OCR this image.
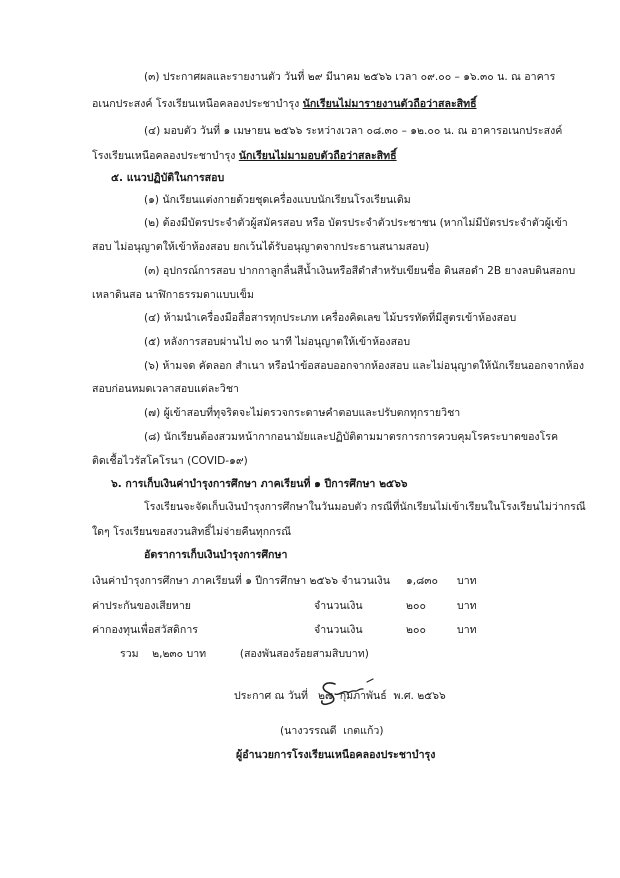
(๓) ประกาศผลและรายงานตัว วันที่ ๒๙ มีนาคม ๒๕๖๖ เวลา ๐๙.๐๐ – ๑๖.๓๐ น. ณ อาคาร
อเนกประสงค์ โรงเรียนเหนือคลองประชาบำรุง นักเรียนไม่มารายงานตัวถือว่าสละสิทธิ์
(๔) มอบตัว วันที่ ๑ เมษายน ๒๕๖๖ ระหว่างเวลา ๐๘.๓๐ – ๑๒.๐๐ น. ณ อาคารอเนกประสงค์
โรงเรียนเหนือคลองประชาบำรุง นักเรียนไม่มามอบตัวถือว่าสละสิทธิ์
๕. แนวปฏิบัติในการสอบ
(๑) นักเรียนแต่งกายด้วยชุดเครื่องแบบนักเรียนโรงเรียนเดิม
(๒) ต้องมีบัตรประจำตัวผู้สมัครสอบ หรือ บัตรประจำตัวประชาชน (หากไม่มีบัตรประจำตัวผู้เข้า
สอบ ไม่อนุญาตให้เข้าห้องสอบ ยกเว้นได้รับอนุญาตจากประธานสนามสอบ)
(๓) อุปกรณ์การสอบ ปากกาลูกลื่นสีน้ำเงินหรือสีดำสำหรับเขียนชื่อ ดินสอดำ 2B ยางลบดินสอกบ
เหลาดินสอ นาฬิกาธรรมดาแบบเข็ม
(๔) ห้ามนำเครื่องมือสื่อสารทุกประเภท เครื่องคิดเลข ไม้บรรทัดที่มีสูตรเข้าห้องสอบ
(๕) หลังการสอบผ่านไป ๓๐ นาที ไม่อนุญาตให้เข้าห้องสอบ
(๖) ห้ามจด คัดลอก สำเนา หรือนำข้อสอบออกจากห้องสอบ และไม่อนุญาตให้นักเรียนออกจากห้อง
สอบก่อนหมดเวลาสอบแต่ละวิชา
(๗) ผู้เข้าสอบที่ทุจริตจะไม่ตรวจกระดาษคำตอบและปรับตกทุกรายวิชา
(๘) นักเรียนต้องสวมหน้ากากอนามัยและปฏิบัติตามมาตรการการควบคุมโรคระบาดของโรค
ติดเชื้อไวรัสโคโรนา (COVID-๑๙)
๖. การเก็บเงินค่าบำรุงการศึกษา ภาคเรียนที่ ๑ ปีการศึกษา ๒๕๖๖
โรงเรียนจะจัดเก็บเงินบำรุงการศึกษาในวันมอบตัว กรณีที่นักเรียนไม่เข้าเรียนในโรงเรียนไม่ว่ากรณี
ใดๆ โรงเรียนขอสงวนสิทธิ์ไม่จ่ายคืนทุกกรณี
อัตราการเก็บเงินบำรุงการศึกษา
เงินค่าบำรุงการศึกษา ภาคเรียนที่ ๑ ปีการศึกษา ๒๕๖๖ จำนวนเงิน ๑,๘๓๐ บาท
ค่าประกันของเสียหาย	จำนวนเงิน	๒๐๐	บาท
ค่ากองทุนเพื่อสวัสดิการ	จำนวนเงิน	๒๐๐	บาท
รวม    ๒,๒๓๐ บาท          (สองพันสองร้อยสามสิบบาท)
ประกาศ ณ วันที่   ๒๗  กุมภาพันธ์  พ.ศ. ๒๕๖๖
(นางวรรณดี  เกตแก้ว)
ผู้อำนวยการโรงเรียนเหนือคลองประชาบำรุง
